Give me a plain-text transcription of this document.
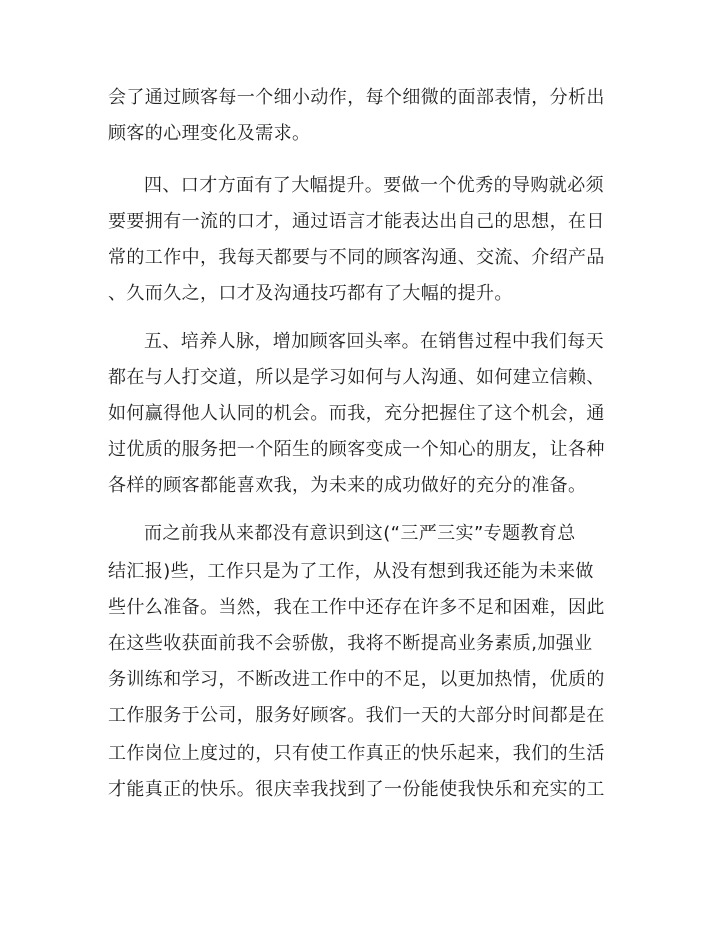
会了通过顾客每一个细小动作，每个细微的面部表情，分析出
顾客的心理变化及需求。
四、口才方面有了大幅提升。要做一个优秀的导购就必须
要要拥有一流的口才，通过语言才能表达出自己的思想，在日
常的工作中，我每天都要与不同的顾客沟通、交流、介绍产品
、久而久之，口才及沟通技巧都有了大幅的提升。
五、培养人脉，增加顾客回头率。在销售过程中我们每天
都在与人打交道，所以是学习如何与人沟通、如何建立信赖、
如何赢得他人认同的机会。而我，充分把握住了这个机会，通
过优质的服务把一个陌生的顾客变成一个知心的朋友，让各种
各样的顾客都能喜欢我，为未来的成功做好的充分的准备。
而之前我从来都没有意识到这(“三严三实”专题教育总
结汇报)些，工作只是为了工作，从没有想到我还能为未来做
些什么准备。当然，我在工作中还存在许多不足和困难，因此
在这些收获面前我不会骄傲，我将不断提高业务素质,加强业
务训练和学习，不断改进工作中的不足，以更加热情，优质的
工作服务于公司，服务好顾客。我们一天的大部分时间都是在
工作岗位上度过的，只有使工作真正的快乐起来，我们的生活
才能真正的快乐。很庆幸我找到了一份能使我快乐和充实的工
